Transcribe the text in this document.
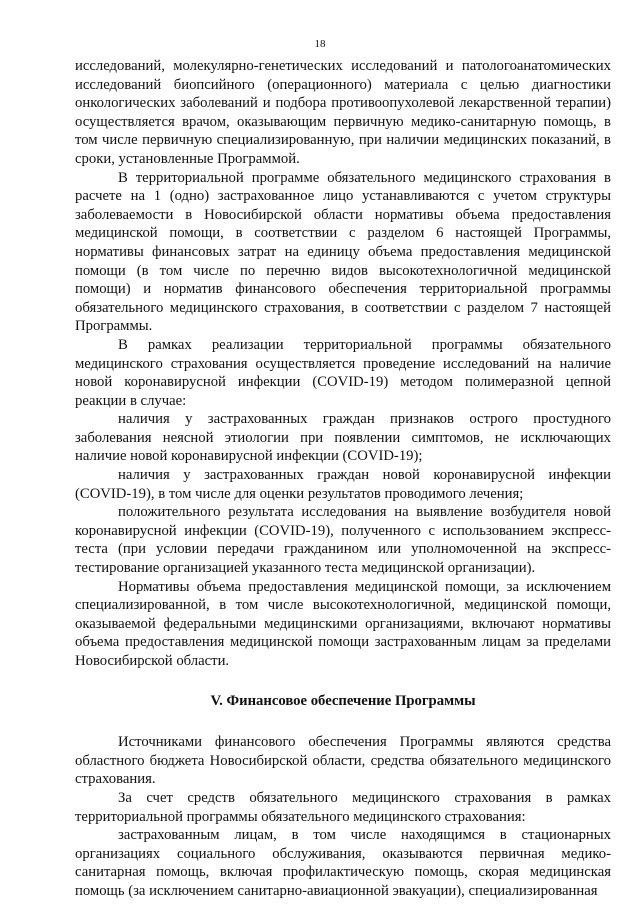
18

исследований, молекулярно-генетических исследований и патологоанатомических исследований биопсийного (операционного) материала с целью диагностики онкологических заболеваний и подбора противоопухолевой лекарственной терапии) осуществляется врачом, оказывающим первичную медико-санитарную помощь, в том числе первичную специализированную, при наличии медицинских показаний, в сроки, установленные Программой.

В территориальной программе обязательного медицинского страхования в расчете на 1 (одно) застрахованное лицо устанавливаются с учетом структуры заболеваемости в Новосибирской области нормативы объема предоставления медицинской помощи, в соответствии с разделом 6 настоящей Программы, нормативы финансовых затрат на единицу объема предоставления медицинской помощи (в том числе по перечню видов высокотехнологичной медицинской помощи) и норматив финансового обеспечения территориальной программы обязательного медицинского страхования, в соответствии с разделом 7 настоящей Программы.

В рамках реализации территориальной программы обязательного медицинского страхования осуществляется проведение исследований на наличие новой коронавирусной инфекции (COVID-19) методом полимеразной цепной реакции в случае:

наличия у застрахованных граждан признаков острого простудного заболевания неясной этиологии при появлении симптомов, не исключающих наличие новой коронавирусной инфекции (COVID-19);

наличия у застрахованных граждан новой коронавирусной инфекции (COVID-19), в том числе для оценки результатов проводимого лечения;

положительного результата исследования на выявление возбудителя новой коронавирусной инфекции (COVID-19), полученного с использованием экспресс-теста (при условии передачи гражданином или уполномоченной на экспресс-тестирование организацией указанного теста медицинской организации).

Нормативы объема предоставления медицинской помощи, за исключением специализированной, в том числе высокотехнологичной, медицинской помощи, оказываемой федеральными медицинскими организациями, включают нормативы объема предоставления медицинской помощи застрахованным лицам за пределами Новосибирской области.

V. Финансовое обеспечение Программы

Источниками финансового обеспечения Программы являются средства областного бюджета Новосибирской области, средства обязательного медицинского страхования.

За счет средств обязательного медицинского страхования в рамках территориальной программы обязательного медицинского страхования:

застрахованным лицам, в том числе находящимся в стационарных организациях социального обслуживания, оказываются первичная медико-санитарная помощь, включая профилактическую помощь, скорая медицинская помощь (за исключением санитарно-авиационной эвакуации), специализированная
